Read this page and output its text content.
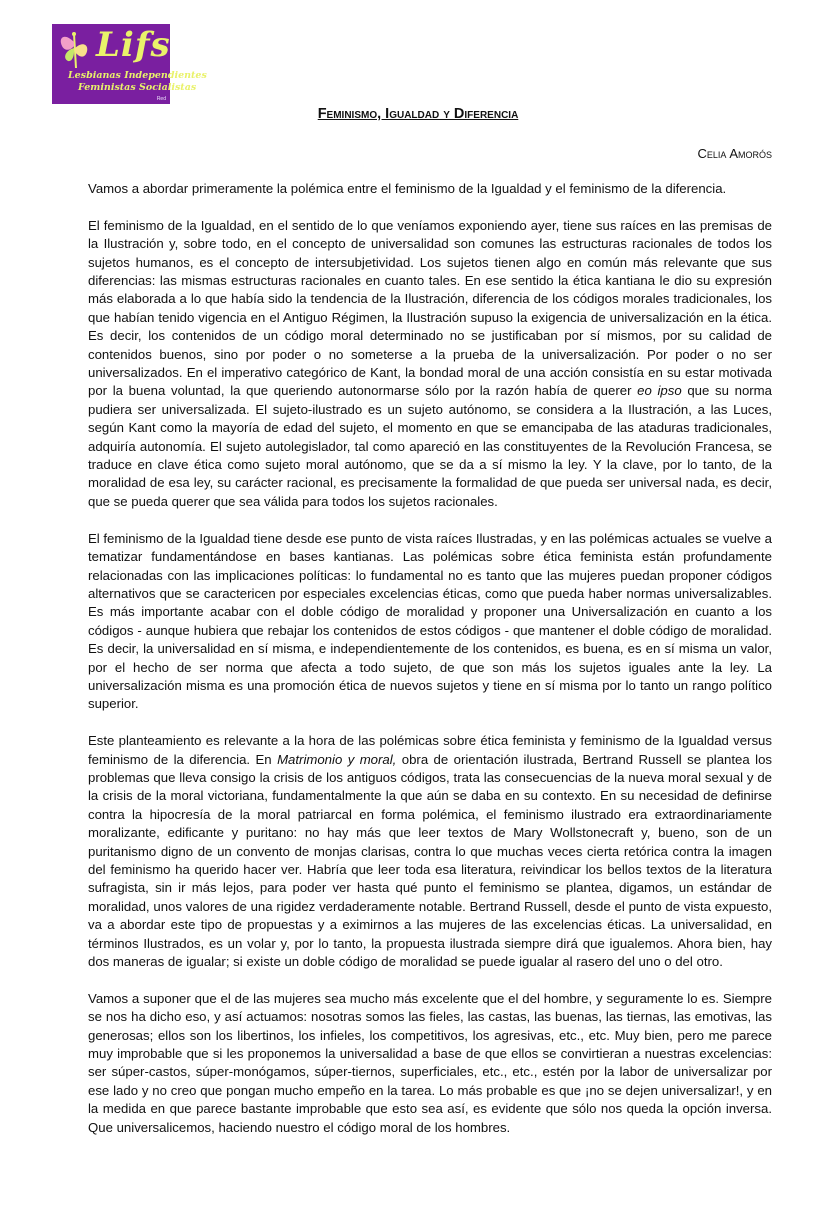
Lifs
Lesbianas Independientes
Feministas Socialistas
Red
Feminismo, Igualdad y Diferencia
Celia Amorós

Vamos a abordar primeramente la polémica entre el feminismo de la Igualdad y el feminismo de la diferencia.

El feminismo de la Igualdad, en el sentido de lo que veníamos exponiendo ayer, tiene sus raíces en las premisas de la Ilustración y, sobre todo, en el concepto de universalidad son comunes las estructuras racionales de todos los sujetos humanos, es el concepto de intersubjetividad. Los sujetos tienen algo en común más relevante que sus diferencias: las mismas estructuras racionales en cuanto tales. En ese sentido la ética kantiana le dio su expresión más elaborada a lo que había sido la tendencia de la Ilustración, diferencia de los códigos morales tradicionales, los que habían tenido vigencia en el Antiguo Régimen, la Ilustración supuso la exigencia de universalización en la ética. Es decir, los contenidos de un código moral determinado no se justificaban por sí mismos, por su calidad de contenidos buenos, sino por poder o no someterse a la prueba de la universalización. Por poder o no ser universalizados. En el imperativo categórico de Kant, la bondad moral de una acción consistía en su estar motivada por la buena voluntad, la que queriendo autonormarse sólo por la razón había de querer eo ipso que su norma pudiera ser universalizada. El sujeto-ilustrado es un sujeto autónomo, se considera a la Ilustración, a las Luces, según Kant como la mayoría de edad del sujeto, el momento en que se emancipaba de las ataduras tradicionales, adquiría autonomía. El sujeto autolegislador, tal como apareció en las constituyentes de la Revolución Francesa, se traduce en clave ética como sujeto moral autónomo, que se da a sí mismo la ley. Y la clave, por lo tanto, de la moralidad de esa ley, su carácter racional, es precisamente la formalidad de que pueda ser universal nada, es decir, que se pueda querer que sea válida para todos los sujetos racionales.

El feminismo de la Igualdad tiene desde ese punto de vista raíces Ilustradas, y en las polémicas actuales se vuelve a tematizar fundamentándose en bases kantianas. Las polémicas sobre ética feminista están profundamente relacionadas con las implicaciones políticas: lo fundamental no es tanto que las mujeres puedan proponer códigos alternativos que se caractericen por especiales excelencias éticas, como que pueda haber normas universalizables. Es más importante acabar con el doble código de moralidad y proponer una Universalización en cuanto a los códigos - aunque hubiera que rebajar los contenidos de estos códigos - que mantener el doble código de moralidad. Es decir, la universalidad en sí misma, e independientemente de los contenidos, es buena, es en sí misma un valor, por el hecho de ser norma que afecta a todo sujeto, de que son más los sujetos iguales ante la ley. La universalización misma es una promoción ética de nuevos sujetos y tiene en sí misma por lo tanto un rango político superior.

Este planteamiento es relevante a la hora de las polémicas sobre ética feminista y feminismo de la Igualdad versus feminismo de la diferencia. En Matrimonio y moral, obra de orientación ilustrada, Bertrand Russell se plantea los problemas que lleva consigo la crisis de los antiguos códigos, trata las consecuencias de la nueva moral sexual y de la crisis de la moral victoriana, fundamentalmente la que aún se daba en su contexto. En su necesidad de definirse contra la hipocresía de la moral patriarcal en forma polémica, el feminismo ilustrado era extraordinariamente moralizante, edificante y puritano: no hay más que leer textos de Mary Wollstonecraft y, bueno, son de un puritanismo digno de un convento de monjas clarisas, contra lo que muchas veces cierta retórica contra la imagen del feminismo ha querido hacer ver. Habría que leer toda esa literatura, reivindicar los bellos textos de la literatura sufragista, sin ir más lejos, para poder ver hasta qué punto el feminismo se plantea, digamos, un estándar de moralidad, unos valores de una rigidez verdaderamente notable. Bertrand Russell, desde el punto de vista expuesto, va a abordar este tipo de propuestas y a eximirnos a las mujeres de las excelencias éticas. La universalidad, en términos Ilustrados, es un volar y, por lo tanto, la propuesta ilustrada siempre dirá que igualemos. Ahora bien, hay dos maneras de igualar; si existe un doble código de moralidad se puede igualar al rasero del uno o del otro.

Vamos a suponer que el de las mujeres sea mucho más excelente que el del hombre, y seguramente lo es. Siempre se nos ha dicho eso, y así actuamos: nosotras somos las fieles, las castas, las buenas, las tiernas, las emotivas, las generosas; ellos son los libertinos, los infieles, los competitivos, los agresivas, etc., etc. Muy bien, pero me parece muy improbable que si les proponemos la universalidad a base de que ellos se convirtieran a nuestras excelencias: ser súper-castos, súper-monógamos, súper-tiernos, superficiales, etc., etc., estén por la labor de universalizar por ese lado y no creo que pongan mucho empeño en la tarea. Lo más probable es que ¡no se dejen universalizar!, y en la medida en que parece bastante improbable que esto sea así, es evidente que sólo nos queda la opción inversa. Que universalicemos, haciendo nuestro el código moral de los hombres.
